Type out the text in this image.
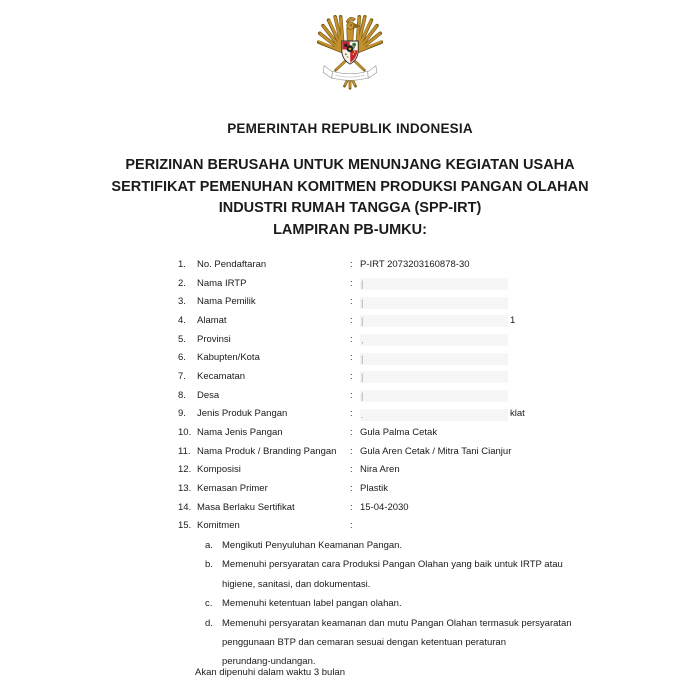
★
PEMERINTAH REPUBLIK INDONESIA
PERIZINAN BERUSAHA UNTUK MENUNJANG KEGIATAN USAHA
SERTIFIKAT PEMENUHAN KOMITMEN PRODUKSI PANGAN OLAHAN
INDUSTRI RUMAH TANGGA (SPP-IRT)
LAMPIRAN PB-UMKU:
1.	No. Pendaftaran	: P-IRT 2073203160878-30
2.	Nama IRTP	: |
3.	Nama Pemilik	: |
4.	Alamat	: |	1
5.	Provinsi	: ,
6.	Kabupten/Kota	: |
7.	Kecamatan	: |
8.	Desa	: |
9.	Jenis Produk Pangan	: .	klat
10. Nama Jenis Pangan	: Gula Palma Cetak
11. Nama Produk / Branding Pangan	: Gula Aren Cetak / Mitra Tani Cianjur
12. Komposisi	: Nira Aren
13. Kemasan Primer	: Plastik
14. Masa Berlaku Sertifikat	: 15-04-2030
15. Komitmen	:
a. Mengikuti Penyuluhan Keamanan Pangan.
b. Memenuhi persyaratan cara Produksi Pangan Olahan yang baik untuk IRTP atau
higiene, sanitasi, dan dokumentasi.
c.	Memenuhi ketentuan label pangan olahan.
d. Memenuhi persyaratan keamanan dan mutu Pangan Olahan termasuk persyaratan
penggunaan BTP dan cemaran sesuai dengan ketentuan peraturan
perundang-undangan.
Akan dipenuhi dalam waktu 3 bulan
